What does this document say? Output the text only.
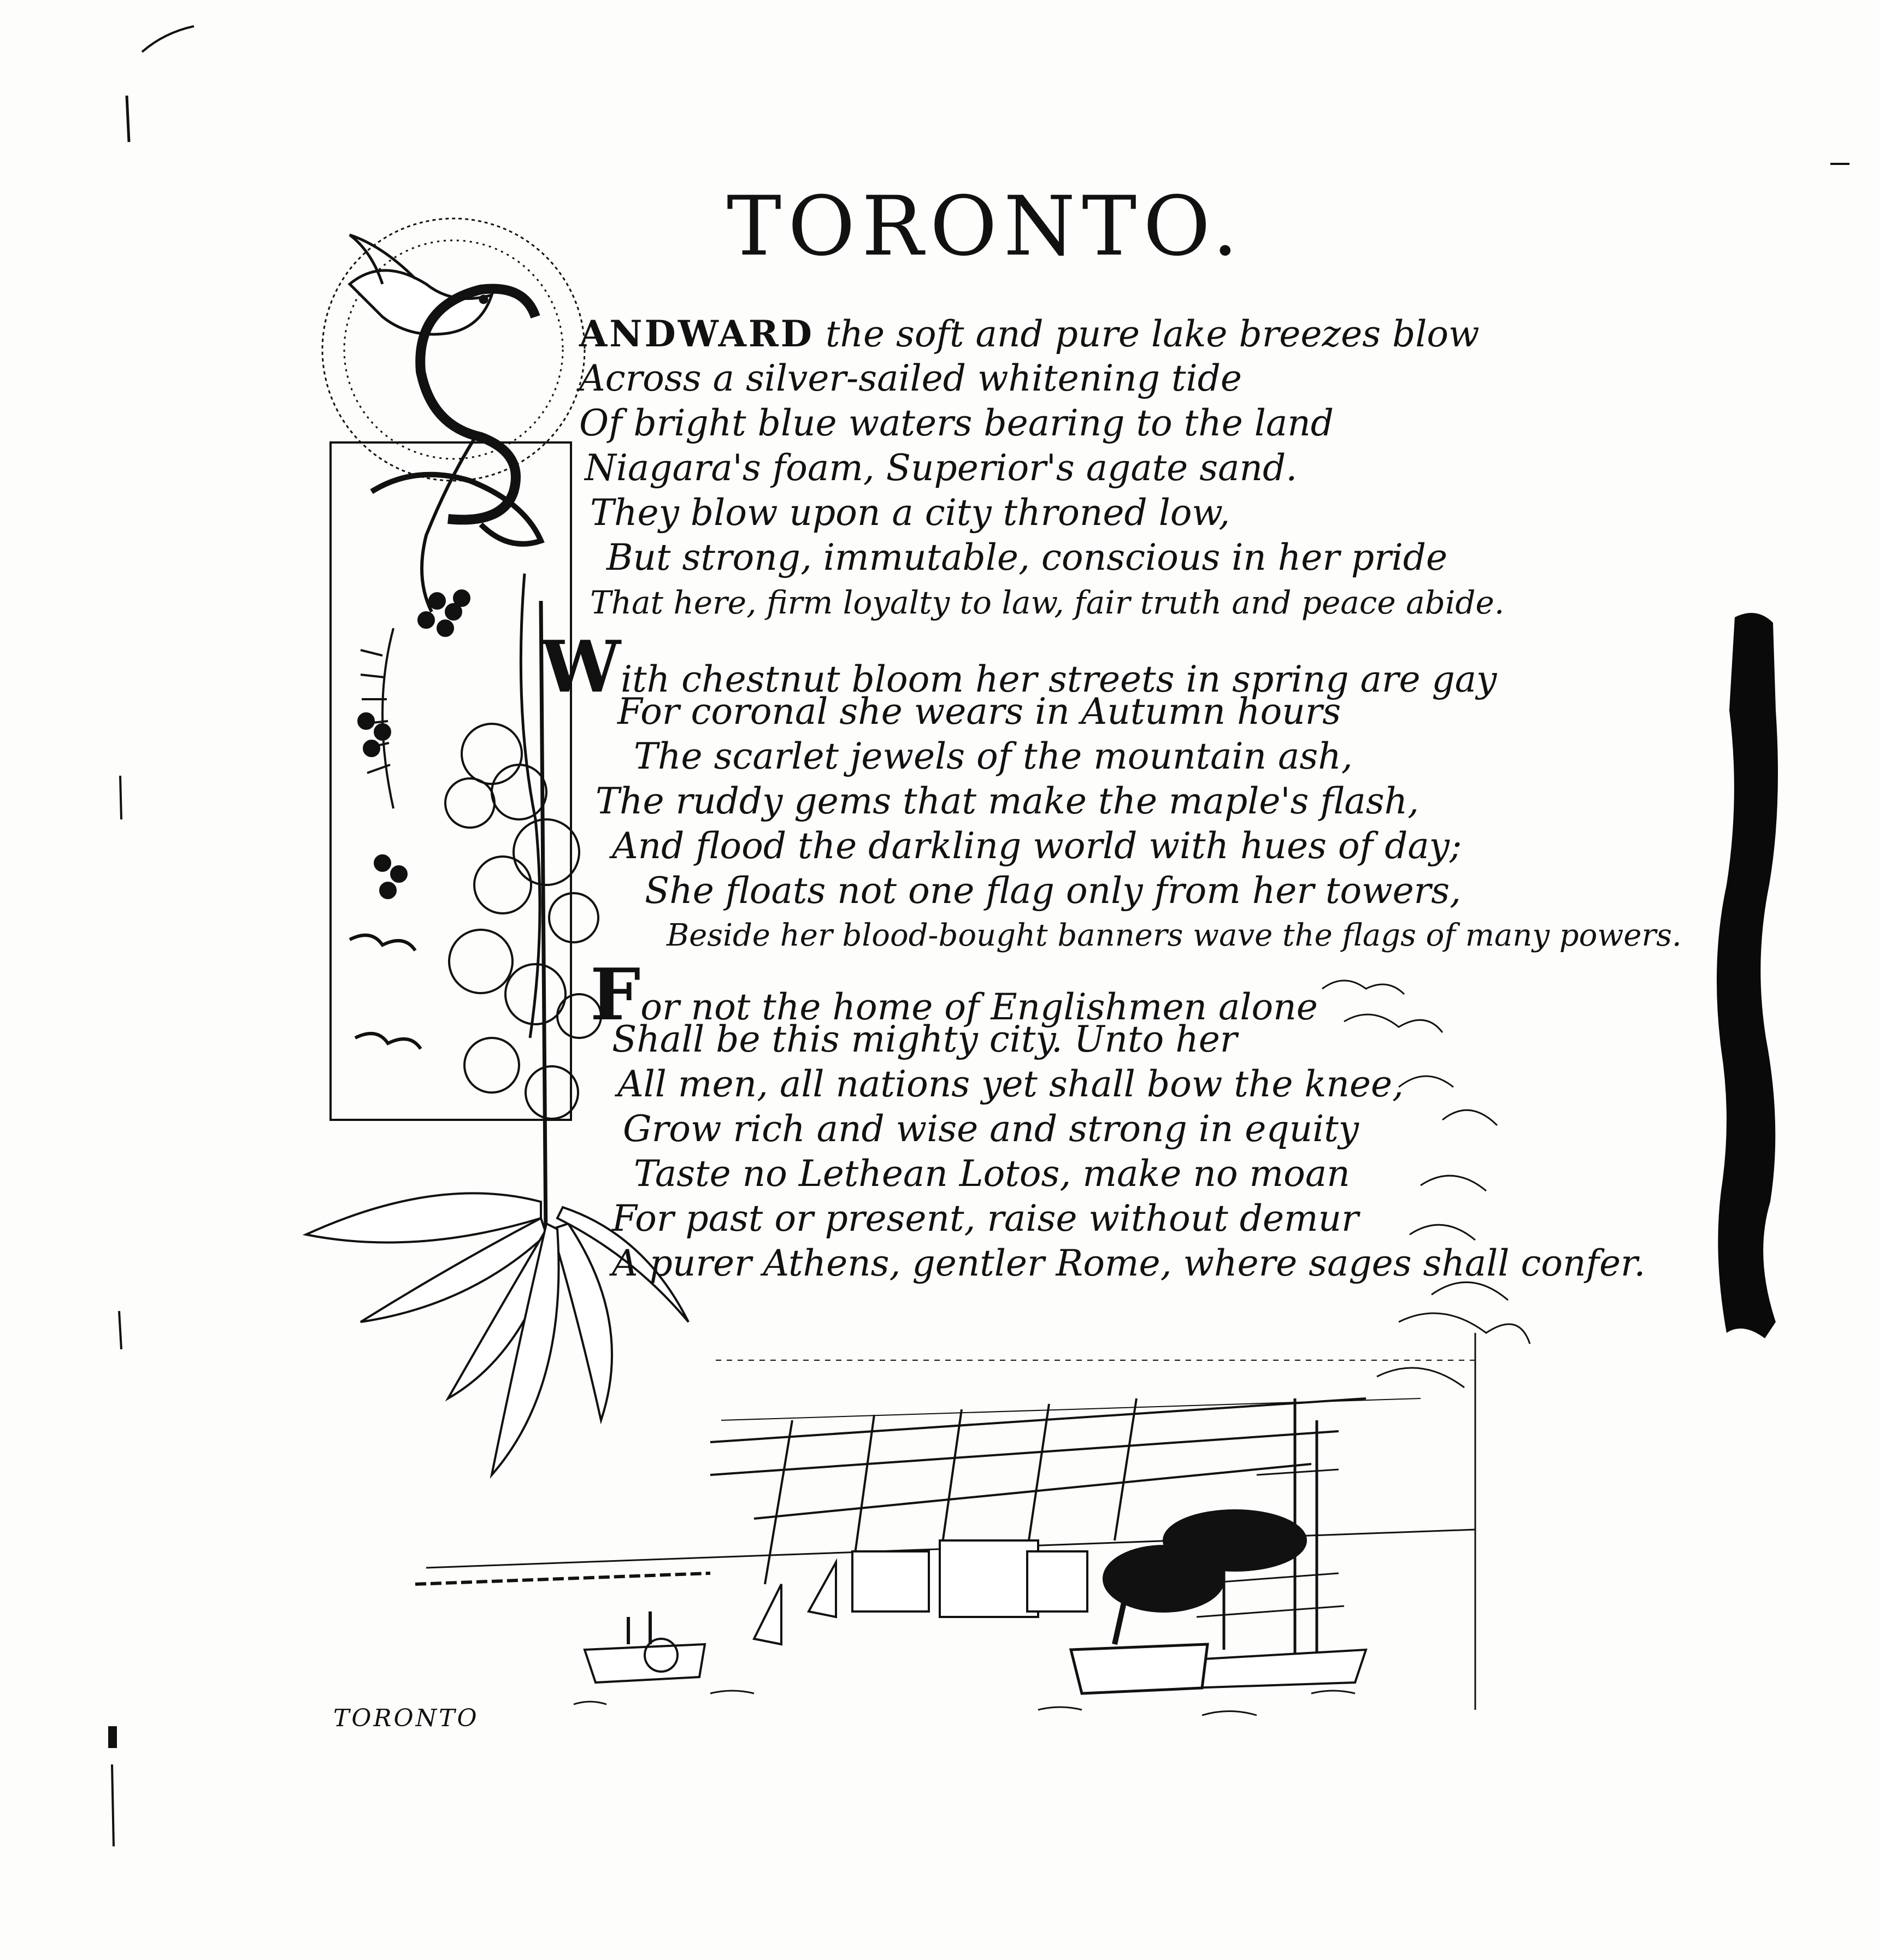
TORONTO.
ANDWARD the soft and pure lake breezes blow
Across a silver-sailed whitening tide
Of bright blue waters bearing to the land
Niagara's foam, Superior's agate sand.
They blow upon a city throned low,
But strong, immutable, conscious in her pride
That here, firm loyalty to law, fair truth and peace abide.
With chestnut bloom her streets in spring are gay
For coronal she wears in Autumn hours
The scarlet jewels of the mountain ash,
The ruddy gems that make the maple's flash,
And flood the darkling world with hues of day;
She floats not one flag only from her towers,
Beside her blood-bought banners wave the flags of many powers.
For not the home of Englishmen alone
Shall be this mighty city. Unto her
All men, all nations yet shall bow the knee,
Grow rich and wise and strong in equity
Taste no Lethean Lotos, make no moan
For past or present, raise without demur
A purer Athens, gentler Rome, where sages shall confer.
TORONTO
